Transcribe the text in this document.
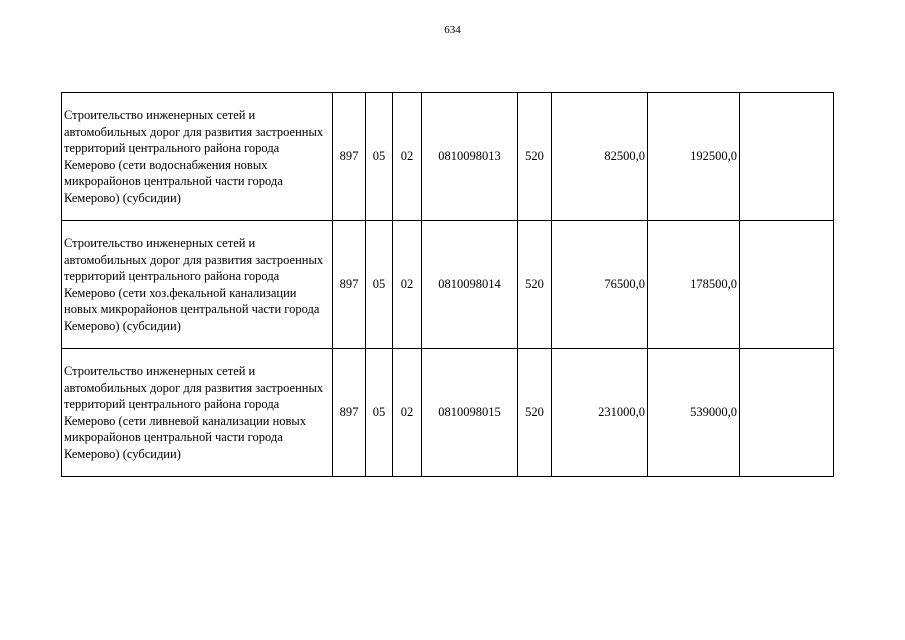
634
Строительство инженерных сетей и автомобильных дорог для развития застроенных территорий центрального района города Кемерово (сети водоснабжения новых микрорайонов центральной части города Кемерово) (субсидии)	897	05	02	0810098013	520	82500,0	192500,0	
Строительство инженерных сетей и автомобильных дорог для развития застроенных территорий центрального района города Кемерово (сети хоз.фекальной канализации новых микрорайонов центральной части города Кемерово) (субсидии)	897	05	02	0810098014	520	76500,0	178500,0	
Строительство инженерных сетей и автомобильных дорог для развития застроенных территорий центрального района города Кемерово (сети ливневой канализации новых микрорайонов центральной части города Кемерово) (субсидии)	897	05	02	0810098015	520	231000,0	539000,0	
